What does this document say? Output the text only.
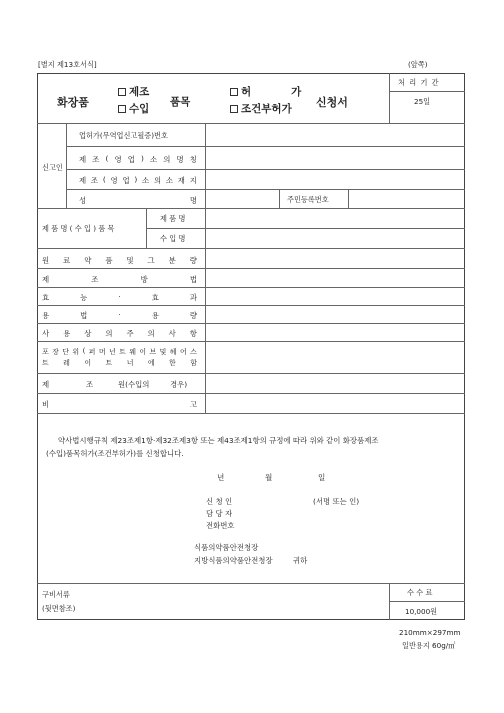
[별지 제13호서식]	(앞쪽)
화장품
제조
수입
품목
허	가
조건부허가 신청서
처 리 기 간
25일
신고인
업허가(무역업신고필증)번호
제 조 ( 영 업 ) 소 의 명 칭
제 조 ( 영 업 ) 소 의 소 재 지
성	명	주민등록번호
제 품 명 ( 수 입 ) 품 목
제 품 명
수 입 명
원 료 약 품 및 그 분 량
제	조	방	법
효	능	·	효	과
용	법	·	용	량
사 용 상 의 주 의 사 항
포 장 단 위 ( 퍼 머 넌 트 웨 이 브 및 헤 어 스
트 레 이 트 너 에 한 함
제	조	원(수입의	경우)
비	고
약사법시행규칙 제23조제1항·제32조제3항 또는 제43조제1항의 규정에 따라 위와 같이 화장품제조
(수입)품목허가(조건부허가)를 신청합니다.
년	월	일
신 청 인	(서명 또는 인)
담 당 자
전화번호
식품의약품안전청장
지방식품의약품안전청장	귀하
구비서류
(뒷면참조)
수 수 료
10,000원
210mm×297mm
일반용지 60g/㎡
